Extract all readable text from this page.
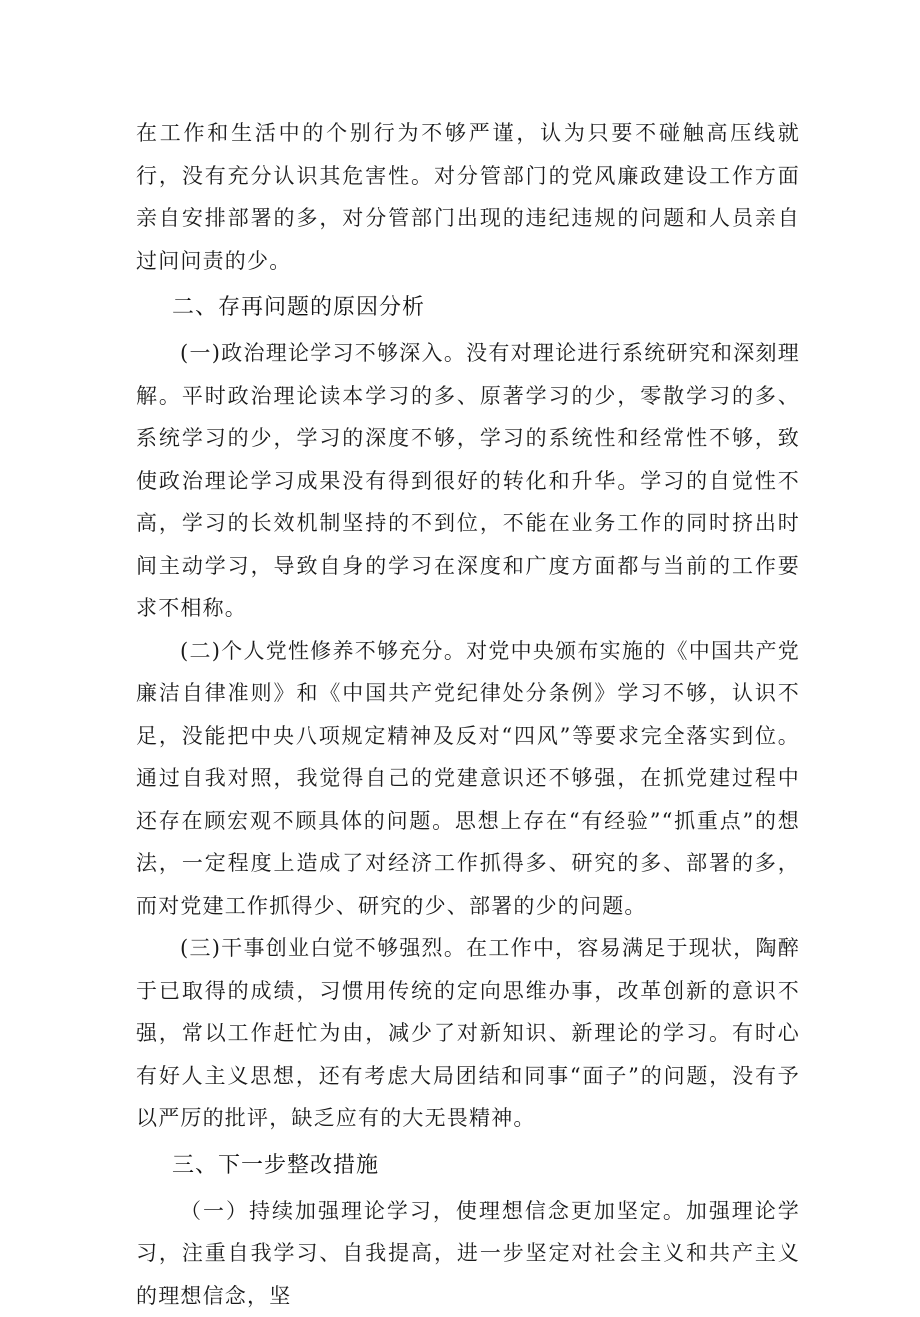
在工作和生活中的个别行为不够严谨，认为只要不碰触高压线就行，没有充分认识其危害性。对分管部门的党风廉政建设工作方面亲自安排部署的多，对分管部门出现的违纪违规的问题和人员亲自过问问责的少。

二、存再问题的原因分析

(一)政治理论学习不够深入。没有对理论进行系统研究和深刻理解。平时政治理论读本学习的多、原著学习的少，零散学习的多、系统学习的少，学习的深度不够，学习的系统性和经常性不够，致使政治理论学习成果没有得到很好的转化和升华。学习的自觉性不高，学习的长效机制坚持的不到位，不能在业务工作的同时挤出时间主动学习，导致自身的学习在深度和广度方面都与当前的工作要求不相称。

(二)个人党性修养不够充分。对党中央颁布实施的《中国共产党廉洁自律准则》和《中国共产党纪律处分条例》学习不够，认识不足，没能把中央八项规定精神及反对“四风”等要求完全落实到位。通过自我对照，我觉得自己的党建意识还不够强，在抓党建过程中还存在顾宏观不顾具体的问题。思想上存在“有经验”“抓重点”的想法，一定程度上造成了对经济工作抓得多、研究的多、部署的多，而对党建工作抓得少、研究的少、部署的少的问题。

(三)干事创业白觉不够强烈。在工作中，容易满足于现状，陶醉于已取得的成绩，习惯用传统的定向思维办事，改革创新的意识不强，常以工作赶忙为由，减少了对新知识、新理论的学习。有时心有好人主义思想，还有考虑大局团结和同事“面子”的问题，没有予以严厉的批评，缺乏应有的大无畏精神。

三、下一步整改措施

（一）持续加强理论学习，使理想信念更加坚定。加强理论学习，注重自我学习、自我提高，进一步坚定对社会主义和共产主义的理想信念，坚
